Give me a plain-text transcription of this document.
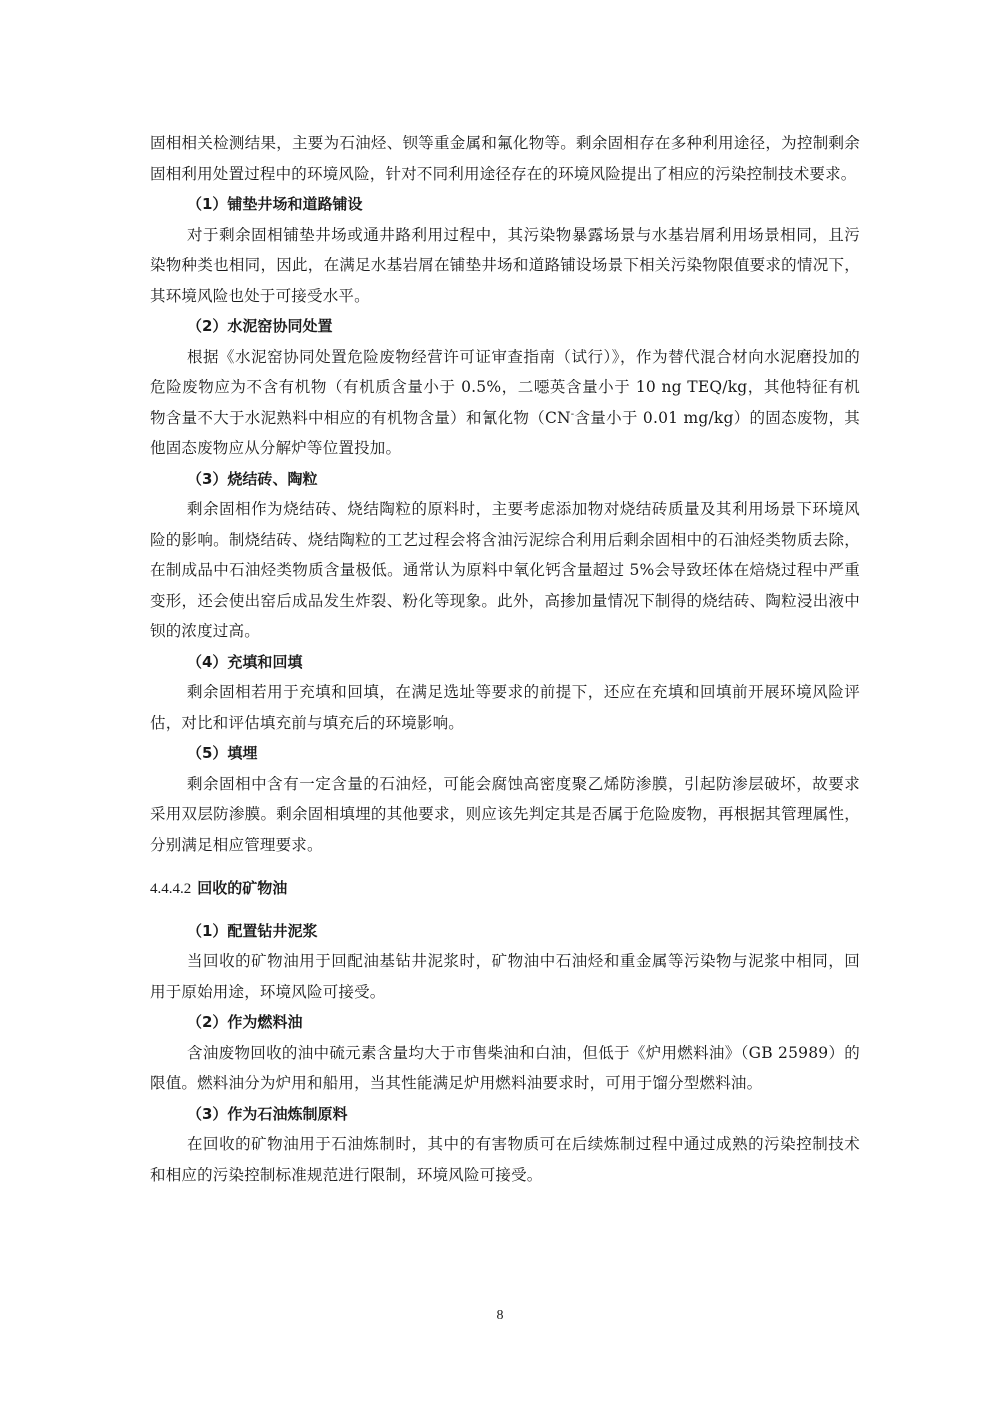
固相相关检测结果，主要为石油烃、钡等重金属和氟化物等。剩余固相存在多种利用途径，为控制剩余固相利用处置过程中的环境风险，针对不同利用途径存在的环境风险提出了相应的污染控制技术要求。

（1）铺垫井场和道路铺设

对于剩余固相铺垫井场或通井路利用过程中，其污染物暴露场景与水基岩屑利用场景相同，且污染物种类也相同，因此，在满足水基岩屑在铺垫井场和道路铺设场景下相关污染物限值要求的情况下，其环境风险也处于可接受水平。

（2）水泥窑协同处置

根据《水泥窑协同处置危险废物经营许可证审查指南（试行）》，作为替代混合材向水泥磨投加的危险废物应为不含有机物（有机质含量小于 0.5%，二噁英含量小于 10 ng TEQ/kg，其他特征有机物含量不大于水泥熟料中相应的有机物含量）和氰化物（CN-含量小于 0.01 mg/kg）的固态废物，其他固态废物应从分解炉等位置投加。

（3）烧结砖、陶粒

剩余固相作为烧结砖、烧结陶粒的原料时，主要考虑添加物对烧结砖质量及其利用场景下环境风险的影响。制烧结砖、烧结陶粒的工艺过程会将含油污泥综合利用后剩余固相中的石油烃类物质去除，在制成品中石油烃类物质含量极低。通常认为原料中氧化钙含量超过 5%会导致坯体在焙烧过程中严重变形，还会使出窑后成品发生炸裂、粉化等现象。此外，高掺加量情况下制得的烧结砖、陶粒浸出液中钡的浓度过高。

（4）充填和回填

剩余固相若用于充填和回填，在满足选址等要求的前提下，还应在充填和回填前开展环境风险评估，对比和评估填充前与填充后的环境影响。

（5）填埋

剩余固相中含有一定含量的石油烃，可能会腐蚀高密度聚乙烯防渗膜，引起防渗层破坏，故要求采用双层防渗膜。剩余固相填埋的其他要求，则应该先判定其是否属于危险废物，再根据其管理属性，分别满足相应管理要求。

4.4.4.2 回收的矿物油
（1）配置钻井泥浆

当回收的矿物油用于回配油基钻井泥浆时，矿物油中石油烃和重金属等污染物与泥浆中相同，回用于原始用途，环境风险可接受。

（2）作为燃料油

含油废物回收的油中硫元素含量均大于市售柴油和白油，但低于《炉用燃料油》（GB 25989）的限值。燃料油分为炉用和船用，当其性能满足炉用燃料油要求时，可用于馏分型燃料油。

（3）作为石油炼制原料

在回收的矿物油用于石油炼制时，其中的有害物质可在后续炼制过程中通过成熟的污染控制技术和相应的污染控制标准规范进行限制，环境风险可接受。

8
